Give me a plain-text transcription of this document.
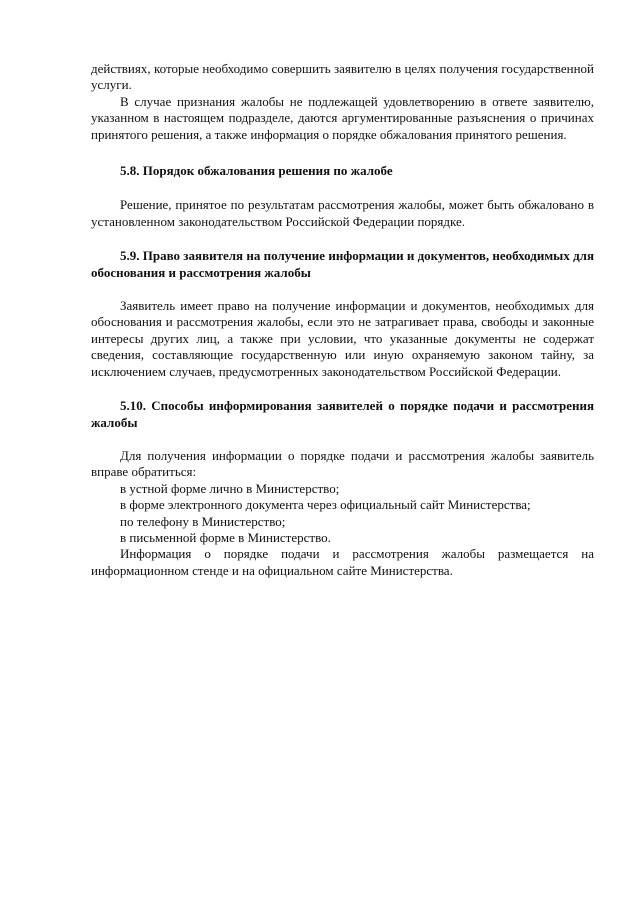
действиях, которые необходимо совершить заявителю в целях получения государственной услуги.

В случае признания жалобы не подлежащей удовлетворению в ответе заявителю, указанном в настоящем подразделе, даются аргументированные разъяснения о причинах принятого решения, а также информация о порядке обжалования принятого решения.

5.8. Порядок обжалования решения по жалобе

Решение, принятое по результатам рассмотрения жалобы, может быть обжаловано в установленном законодательством Российской Федерации порядке.

5.9. Право заявителя на получение информации и документов, необходимых для обоснования и рассмотрения жалобы

Заявитель имеет право на получение информации и документов, необходимых для обоснования и рассмотрения жалобы, если это не затрагивает права, свободы и законные интересы других лиц, а также при условии, что указанные документы не содержат сведения, составляющие государственную или иную охраняемую законом тайну, за исключением случаев, предусмотренных законодательством Российской Федерации.

5.10. Способы информирования заявителей о порядке подачи и рассмотрения жалобы

Для получения информации о порядке подачи и рассмотрения жалобы заявитель вправе обратиться:

в устной форме лично в Министерство;

в форме электронного документа через официальный сайт Министерства;

по телефону в Министерство;

в письменной форме в Министерство.

Информация о порядке подачи и рассмотрения жалобы размещается на информационном стенде и на официальном сайте Министерства.
